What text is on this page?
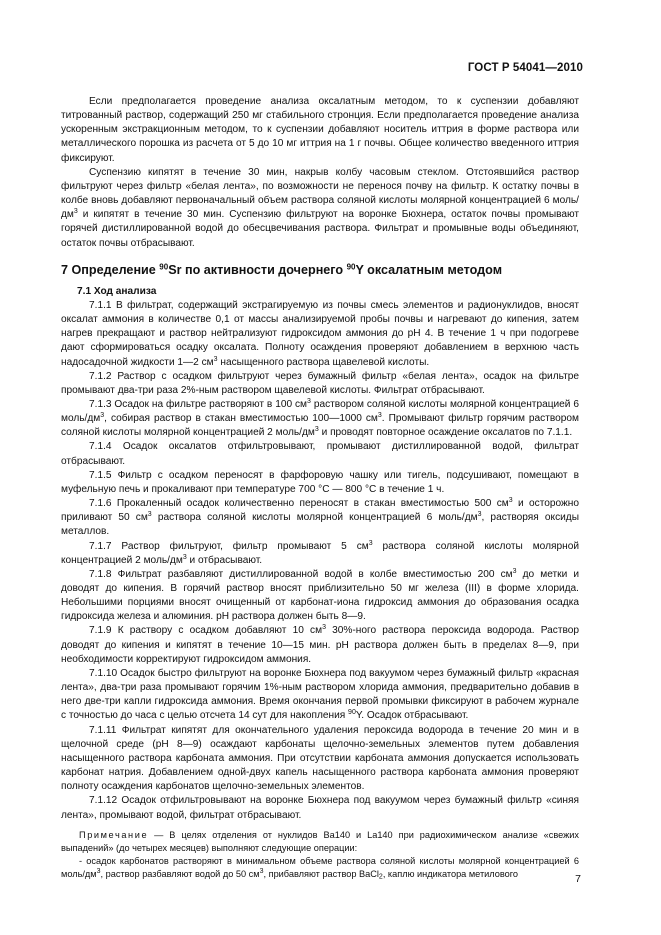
ГОСТ Р 54041—2010

Если предполагается проведение анализа оксалатным методом, то к суспензии добавляют титрованный раствор, содержащий 250 мг стабильного стронция. Если предполагается проведение анализа ускоренным экстракционным методом, то к суспензии добавляют носитель иттрия в форме раствора или металлического порошка из расчета от 5 до 10 мг иттрия на 1 г почвы. Общее количество введенного иттрия фиксируют.

Суспензию кипятят в течение 30 мин, накрыв колбу часовым стеклом. Отстоявшийся раствор фильтруют через фильтр «белая лента», по возможности не перенося почву на фильтр. К остатку почвы в колбе вновь добавляют первоначальный объем раствора соляной кислоты молярной концентрацией 6 моль/$дм^3$ и кипятят в течение 30 мин. Суспензию фильтруют на воронке Бюхнера, остаток почвы промывают горячей дистиллированной водой до обесцвечивания раствора. Фильтрат и промывные воды объединяют, остаток почвы отбрасывают.

7 Определение $^{90}$Sr по активности дочернего $^{90}$Y оксалатным методом
7.1 Ход анализа

7.1.1 В фильтрат, содержащий экстрагируемую из почвы смесь элементов и радионуклидов, вносят оксалат аммония в количестве 0,1 от массы анализируемой пробы почвы и нагревают до кипения, затем нагрев прекращают и раствор нейтрализуют гидроксидом аммония до pH 4. В течение 1 ч при подогреве дают сформироваться осадку оксалата. Полноту осаждения проверяют добавлением в верхнюю часть надосадочной жидкости 1—2 $см^3$ насыщенного раствора щавелевой кислоты.

7.1.2 Раствор с осадком фильтруют через бумажный фильтр «белая лента», осадок на фильтре промывают два-три раза 2%-ным раствором щавелевой кислоты. Фильтрат отбрасывают.

7.1.3 Осадок на фильтре растворяют в 100 $см^3$ раствором соляной кислоты молярной концентрацией 6 моль/$дм^3$, собирая раствор в стакан вместимостью 100—1000 $см^3$. Промывают фильтр горячим раствором соляной кислоты молярной концентрацией 2 моль/$дм^3$ и проводят повторное осаждение оксалатов по 7.1.1.

7.1.4 Осадок оксалатов отфильтровывают, промывают дистиллированной водой, фильтрат отбрасывают.

7.1.5 Фильтр с осадком переносят в фарфоровую чашку или тигель, подсушивают, помещают в муфельную печь и прокаливают при температуре 700 °С — 800 °С в течение 1 ч.

7.1.6 Прокаленный осадок количественно переносят в стакан вместимостью 500 $см^3$ и осторожно приливают 50 $см^3$ раствора соляной кислоты молярной концентрацией 6 моль/$дм^3$, растворяя оксиды металлов.

7.1.7 Раствор фильтруют, фильтр промывают 5 $см^3$ раствора соляной кислоты молярной концентрацией 2 моль/$дм^3$ и отбрасывают.

7.1.8 Фильтрат разбавляют дистиллированной водой в колбе вместимостью 200 $см^3$ до метки и доводят до кипения. В горячий раствор вносят приблизительно 50 мг железа (III) в форме хлорида. Небольшими порциями вносят очищенный от карбонат-иона гидроксид аммония до образования осадка гидроксида железа и алюминия. pH раствора должен быть 8—9.

7.1.9 К раствору с осадком добавляют 10 $см^3$ 30%-ного раствора пероксида водорода. Раствор доводят до кипения и кипятят в течение 10—15 мин. pH раствора должен быть в пределах 8—9, при необходимости корректируют гидроксидом аммония.

7.1.10 Осадок быстро фильтруют на воронке Бюхнера под вакуумом через бумажный фильтр «красная лента», два-три раза промывают горячим 1%-ным раствором хлорида аммония, предварительно добавив в него две-три капли гидроксида аммония. Время окончания первой промывки фиксируют в рабочем журнале с точностью до часа с целью отсчета 14 сут для накопления $^{90}$Y. Осадок отбрасывают.

7.1.11 Фильтрат кипятят для окончательного удаления пероксида водорода в течение 20 мин и в щелочной среде (pH 8—9) осаждают карбонаты щелочно-земельных элементов путем добавления насыщенного раствора карбоната аммония. При отсутствии карбоната аммония допускается использовать карбонат натрия. Добавлением одной-двух капель насыщенного раствора карбоната аммония проверяют полноту осаждения карбонатов щелочно-земельных элементов.

7.1.12 Осадок отфильтровывают на воронке Бюхнера под вакуумом через бумажный фильтр «синяя лента», промывают водой, фильтрат отбрасывают.

Примечание — В целях отделения от нуклидов Ва140 и La140 при радиохимическом анализе «свежих выпадений» (до четырех месяцев) выполняют следующие операции:

- осадок карбонатов растворяют в минимальном объеме раствора соляной кислоты молярной концентрацией 6 моль/$дм^3$, раствор разбавляют водой до 50 $см^3$, прибавляют раствор BaCl$_2$, каплю индикатора метилового	7
